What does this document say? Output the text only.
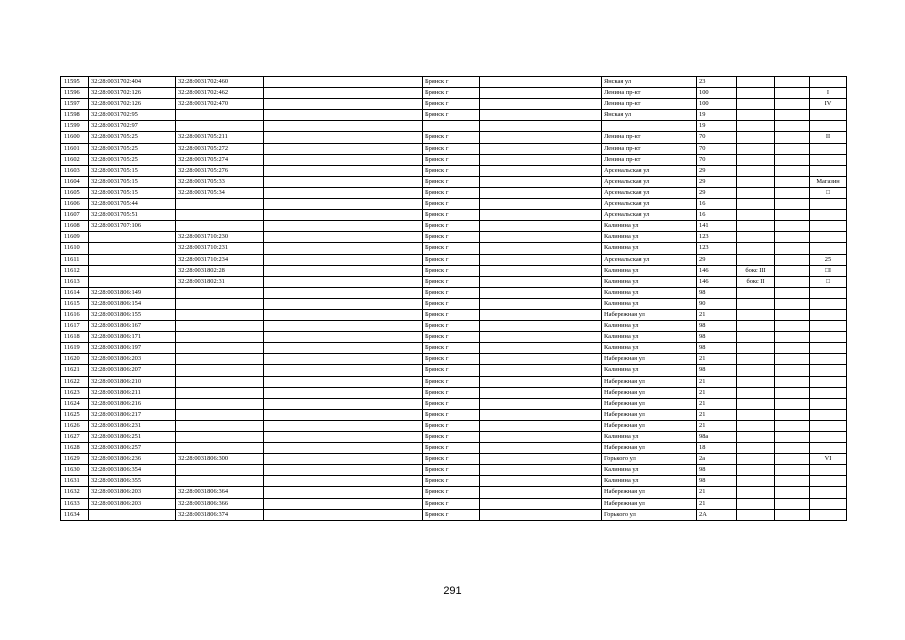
11595	32:28:0031702:404	32:28:0031702:460		Брянск г		Янская ул	23			
11596	32:28:0031702:126	32:28:0031702:462		Брянск г		Ленина пр-кт	100			I
11597	32:28:0031702:126	32:28:0031702:470		Брянск г		Ленина пр-кт	100			IV
11598	32:28:0031702:95			Брянск г		Янская ул	19			
11599	32:28:0031702:97						19			
11600	32:28:0031705:25	32:28:0031705:211		Брянск г		Ленина пр-кт	70			II
11601	32:28:0031705:25	32:28:0031705:272		Брянск г		Ленина пр-кт	70			
11602	32:28:0031705:25	32:28:0031705:274		Брянск г		Ленина пр-кт	70			
11603	32:28:0031705:15	32:28:0031705:276		Брянск г		Арсенальская ул	29			
11604	32:28:0031705:15	32:28:0031705:33		Брянск г		Арсенальская ул	29			Магазин
11605	32:28:0031705:15	32:28:0031705:34		Брянск г		Арсенальская ул	29			□
11606	32:28:0031705:44			Брянск г		Арсенальская ул	16			
11607	32:28:0031705:51			Брянск г		Арсенальская ул	16			
11608	32:28:0031707:106			Брянск г		Калинина ул	141			
11609		32:28:0031710:230		Брянск г		Калинина ул	123			
11610		32:28:0031710:231		Брянск г		Калинина ул	123			
11611		32:28:0031710:234		Брянск г		Арсенальская ул	29			25
11612		32:28:0031802:28		Брянск г		Калинина ул	146	бокс III		□I
11613		32:28:0031802:31		Брянск г		Калинина ул	146	бокс II		□
11614	32:28:0031806:149			Брянск г		Калинина ул	98			
11615	32:28:0031806:154			Брянск г		Калинина ул	90			
11616	32:28:0031806:155			Брянск г		Набережная ул	21			
11617	32:28:0031806:167			Брянск г		Калинина ул	98			
11618	32:28:0031806:171			Брянск г		Калинина ул	98			
11619	32:28:0031806:197			Брянск г		Калинина ул	98			
11620	32:28:0031806:203			Брянск г		Набережная ул	21			
11621	32:28:0031806:207			Брянск г		Калинина ул	98			
11622	32:28:0031806:210			Брянск г		Набережная ул	21			
11623	32:28:0031806:211			Брянск г		Набережная ул	21			
11624	32:28:0031806:216			Брянск г		Набережная ул	21			
11625	32:28:0031806:217			Брянск г		Набережная ул	21			
11626	32:28:0031806:231			Брянск г		Набережная ул	21			
11627	32:28:0031806:251			Брянск г		Калинина ул	98а			
11628	32:28:0031806:257			Брянск г		Набережная ул	18			
11629	32:28:0031806:236	32:28:0031806:300		Брянск г		Горького ул	2а			VI
11630	32:28:0031806:354			Брянск г		Калинина ул	98			
11631	32:28:0031806:355			Брянск г		Калинина ул	98			
11632	32:28:0031806:203	32:28:0031806:364		Брянск г		Набережная ул	21			
11633	32:28:0031806:203	32:28:0031806:366		Брянск г		Набережная ул	21			
11634		32:28:0031806:374		Брянск г		Горького ул	2А			
291
